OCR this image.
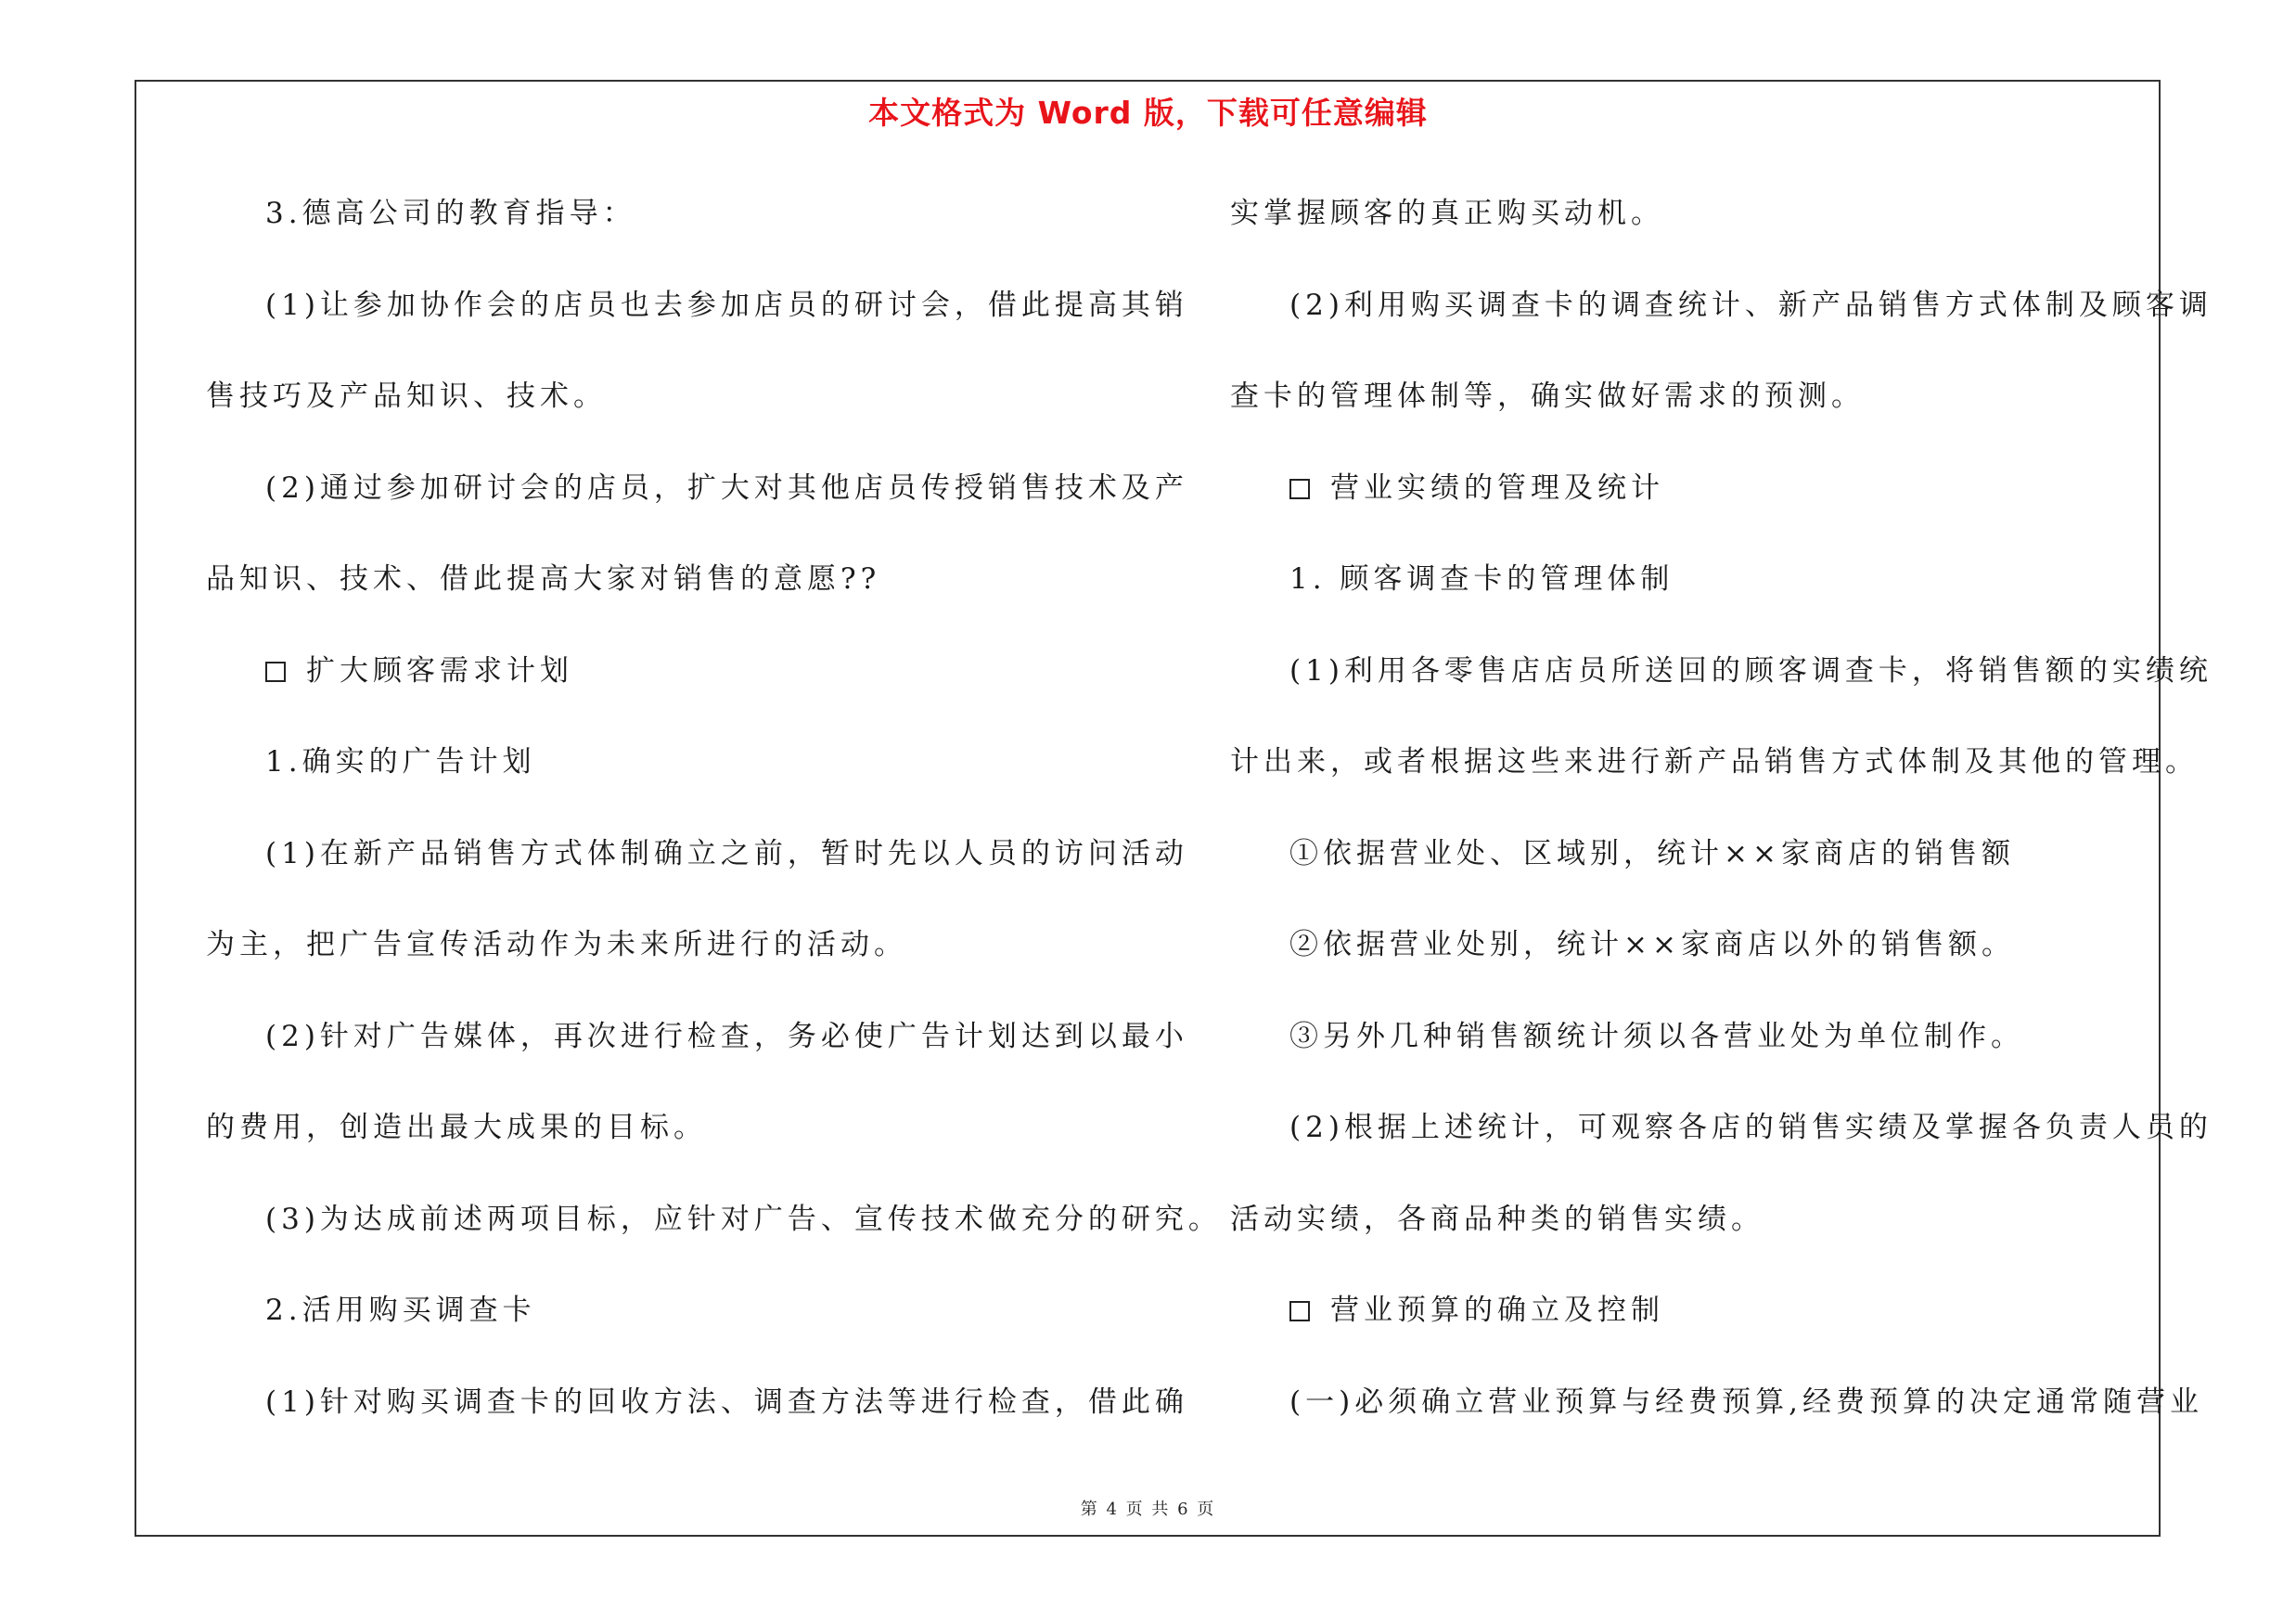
本文格式为 Word 版，下载可任意编辑
3.德高公司的教育指导：
(1)让参加协作会的店员也去参加店员的研讨会，借此提高其销
售技巧及产品知识、技术。
(2)通过参加研讨会的店员，扩大对其他店员传授销售技术及产
品知识、技术、借此提高大家对销售的意愿??
扩大顾客需求计划
1.确实的广告计划
(1)在新产品销售方式体制确立之前，暂时先以人员的访问活动
为主，把广告宣传活动作为未来所进行的活动。
(2)针对广告媒体，再次进行检查，务必使广告计划达到以最小
的费用，创造出最大成果的目标。
(3)为达成前述两项目标，应针对广告、宣传技术做充分的研究。
2.活用购买调查卡
(1)针对购买调查卡的回收方法、调查方法等进行检查，借此确
实掌握顾客的真正购买动机。
(2)利用购买调查卡的调查统计、新产品销售方式体制及顾客调
查卡的管理体制等，确实做好需求的预测。
营业实绩的管理及统计
1. 顾客调查卡的管理体制
(1)利用各零售店店员所送回的顾客调查卡，将销售额的实绩统
计出来，或者根据这些来进行新产品销售方式体制及其他的管理。
①依据营业处、区域别，统计××家商店的销售额
②依据营业处别，统计××家商店以外的销售额。
③另外几种销售额统计须以各营业处为单位制作。
(2)根据上述统计，可观察各店的销售实绩及掌握各负责人员的
活动实绩，各商品种类的销售实绩。
营业预算的确立及控制
(一)必须确立营业预算与经费预算,经费预算的决定通常随营业
第 4 页 共 6 页
